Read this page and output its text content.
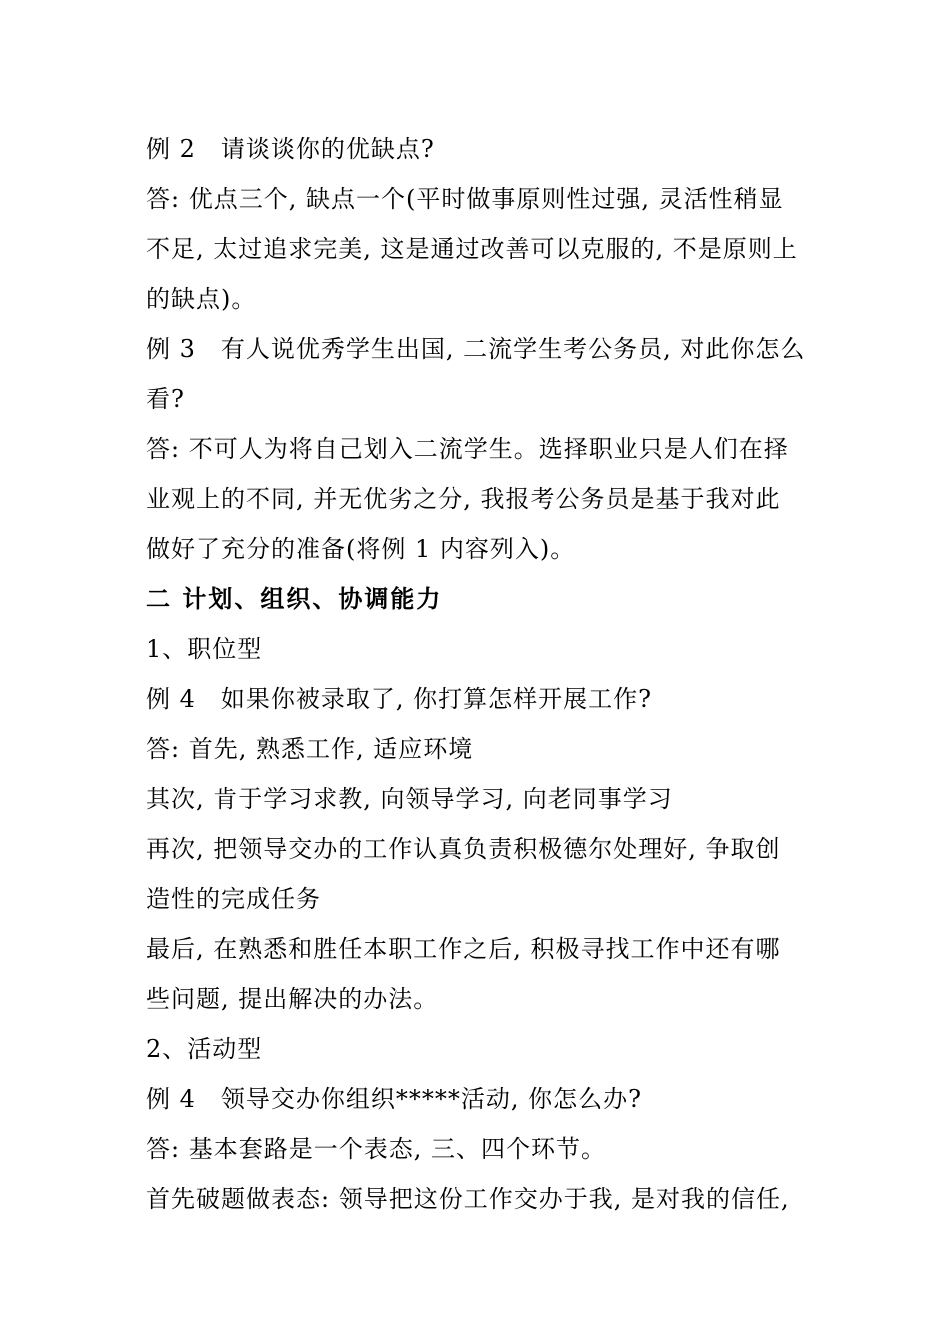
例 2　请谈谈你的优缺点?
答: 优点三个, 缺点一个(平时做事原则性过强, 灵活性稍显
不足, 太过追求完美, 这是通过改善可以克服的, 不是原则上
的缺点)。
例 3　有人说优秀学生出国, 二流学生考公务员, 对此你怎么
看?
答: 不可人为将自己划入二流学生。选择职业只是人们在择
业观上的不同, 并无优劣之分, 我报考公务员是基于我对此
做好了充分的准备(将例 1 内容列入)。
二 计划、组织、协调能力
1、职位型
例 4　如果你被录取了, 你打算怎样开展工作?
答: 首先, 熟悉工作, 适应环境
其次, 肯于学习求教, 向领导学习, 向老同事学习
再次, 把领导交办的工作认真负责积极德尔处理好, 争取创
造性的完成任务
最后, 在熟悉和胜任本职工作之后, 积极寻找工作中还有哪
些问题, 提出解决的办法。
2、活动型
例 4　领导交办你组织*****活动, 你怎么办?
答: 基本套路是一个表态, 三、四个环节。
首先破题做表态: 领导把这份工作交办于我, 是对我的信任,
